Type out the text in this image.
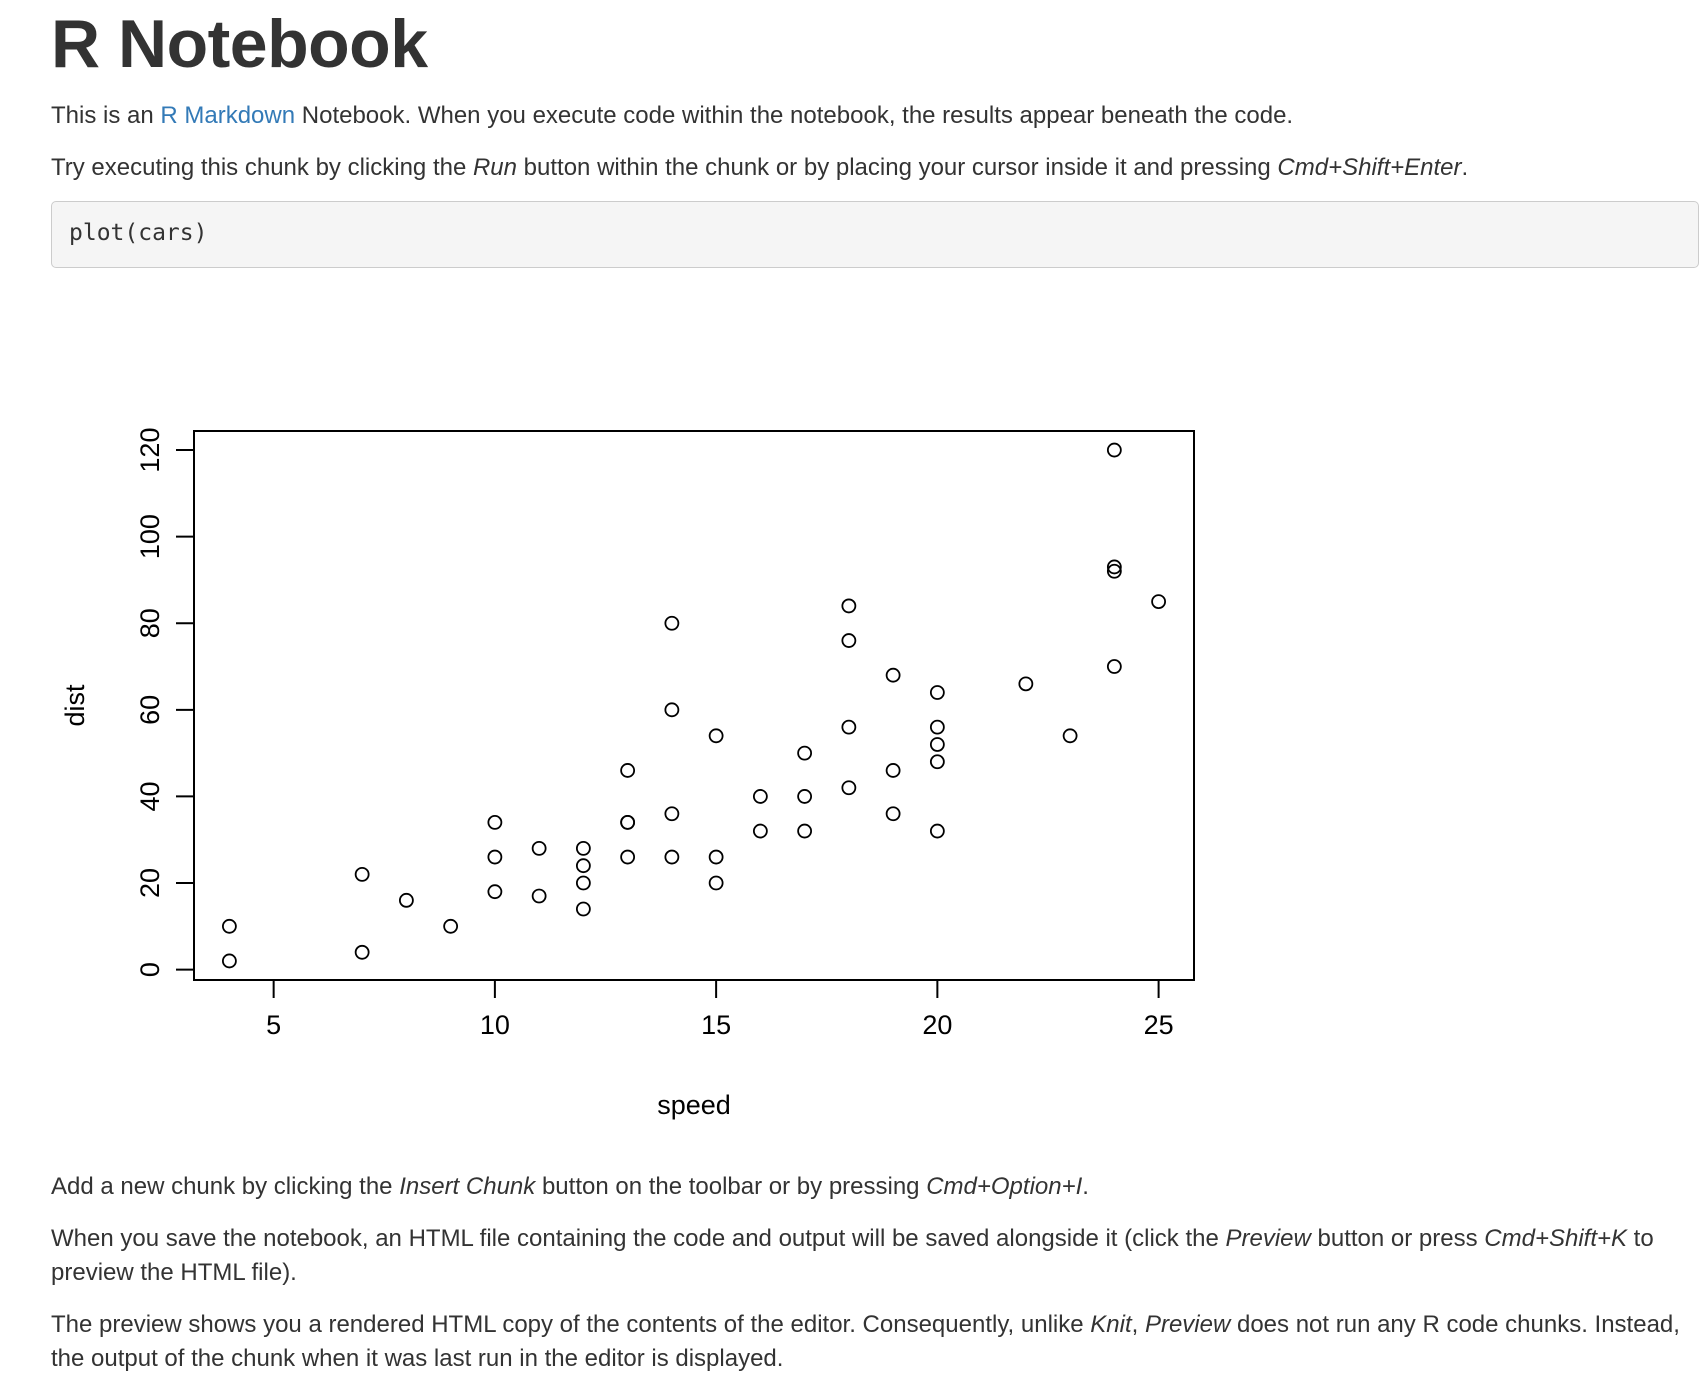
R Notebook

This is an R Markdown Notebook. When you execute code within the notebook, the results appear beneath the code.

Try executing this chunk by clicking the Run button within the chunk or by placing your cursor inside it and pressing Cmd+Shift+Enter.

plot(cars)
5	10	15	20	25
0
20
40
60
80
100
120
speed
dist

Add a new chunk by clicking the Insert Chunk button on the toolbar or by pressing Cmd+Option+I.

When you save the notebook, an HTML file containing the code and output will be saved alongside it (click the Preview button or press Cmd+Shift+K to preview the HTML file).

The preview shows you a rendered HTML copy of the contents of the editor. Consequently, unlike Knit, Preview does not run any R code chunks. Instead, the output of the chunk when it was last run in the editor is displayed.
